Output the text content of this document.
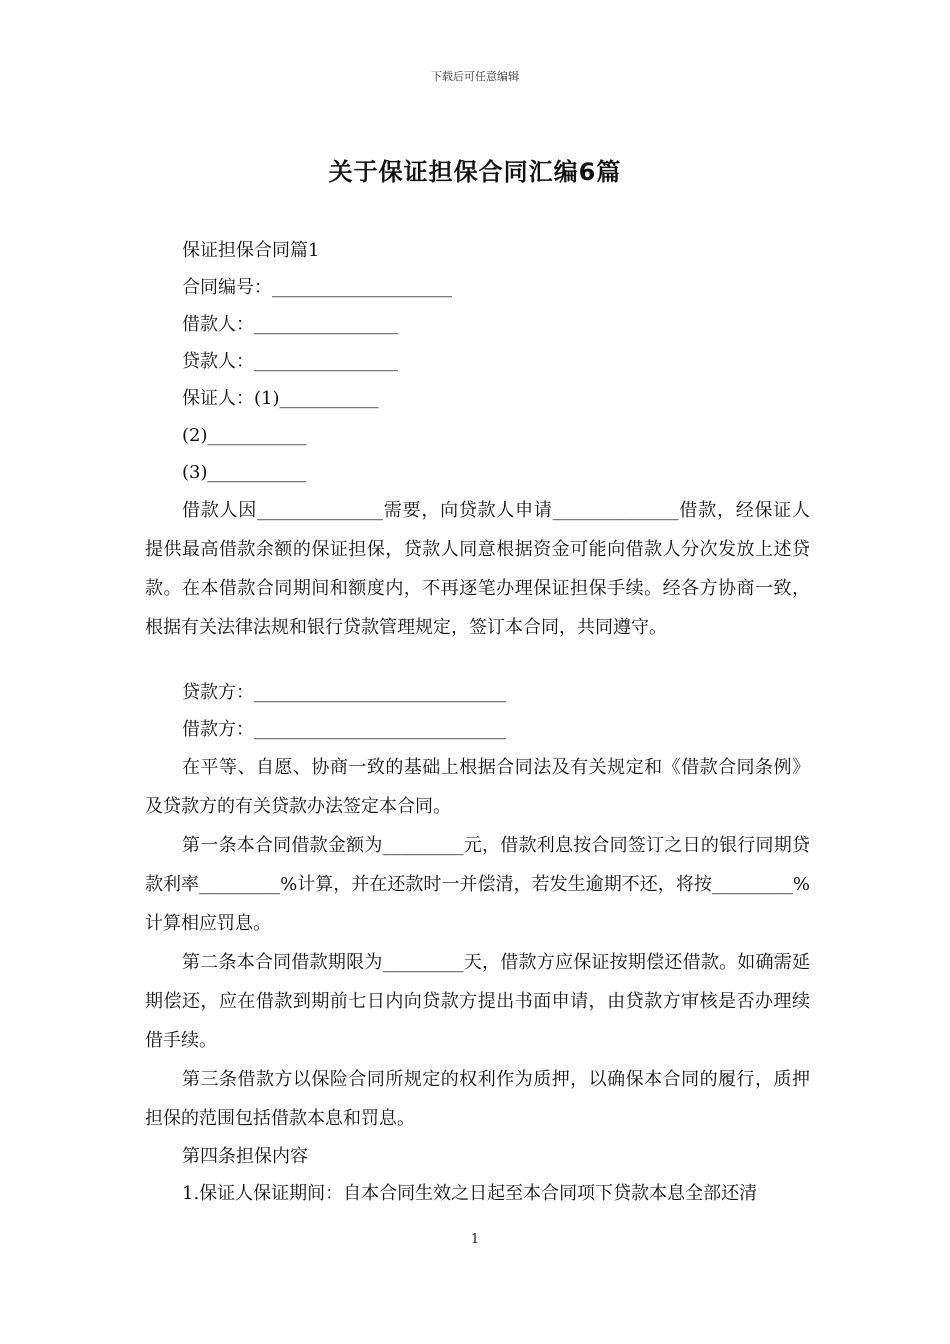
下载后可任意编辑
关于保证担保合同汇编6篇
保证担保合同篇1
合同编号：____________________
借款人：________________
贷款人：________________
保证人：(1)___________
(2)___________
(3)___________

借款人因______________需要，向贷款人申请______________借款，经保证人提供最高借款余额的保证担保，贷款人同意根据资金可能向借款人分次发放上述贷款。在本借款合同期间和额度内，不再逐笔办理保证担保手续。经各方协商一致，根据有关法律法规和银行贷款管理规定，签订本合同，共同遵守。

贷款方：____________________________
借款方：____________________________

在平等、自愿、协商一致的基础上根据合同法及有关规定和《借款合同条例》及贷款方的有关贷款办法签定本合同。

第一条本合同借款金额为_________元，借款利息按合同签订之日的银行同期贷款利率_________%计算，并在还款时一并偿清，若发生逾期不还，将按_________%计算相应罚息。

第二条本合同借款期限为_________天，借款方应保证按期偿还借款。如确需延期偿还，应在借款到期前七日内向贷款方提出书面申请，由贷款方审核是否办理续借手续。

第三条借款方以保险合同所规定的权利作为质押，以确保本合同的履行，质押担保的范围包括借款本息和罚息。

第四条担保内容
1.保证人保证期间：自本合同生效之日起至本合同项下贷款本息全部还清
1
